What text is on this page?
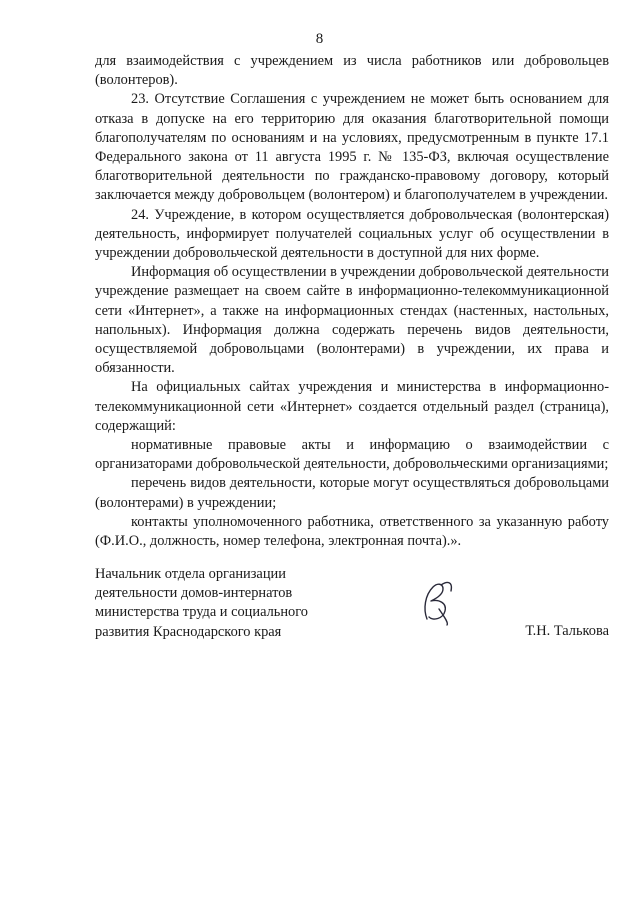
8

для взаимодействия с учреждением из числа работников или добровольцев (волонтеров).

23. Отсутствие Соглашения с учреждением не может быть основанием для отказа в допуске на его территорию для оказания благотворительной помощи благополучателям по основаниям и на условиях, предусмотренным в пункте 17.1 Федерального закона от 11 августа 1995 г. № 135-ФЗ, включая осуществление благотворительной деятельности по гражданско-правовому договору, который заключается между добровольцем (волонтером) и благополучателем в учреждении.

24. Учреждение, в котором осуществляется добровольческая (волонтерская) деятельность, информирует получателей социальных услуг об осуществлении в учреждении добровольческой деятельности в доступной для них форме.

Информация об осуществлении в учреждении добровольческой деятельности учреждение размещает на своем сайте в информационно-телекоммуникационной сети «Интернет», а также на информационных стендах (настенных, настольных, напольных). Информация должна содержать перечень видов деятельности, осуществляемой добровольцами (волонтерами) в учреждении, их права и обязанности.

На официальных сайтах учреждения и министерства в информационно-телекоммуникационной сети «Интернет» создается отдельный раздел (страница), содержащий:

нормативные правовые акты и информацию о взаимодействии с организаторами добровольческой деятельности, добровольческими организациями;

перечень видов деятельности, которые могут осуществляться добровольцами (волонтерами) в учреждении;

контакты уполномоченного работника, ответственного за указанную работу (Ф.И.О., должность, номер телефона, электронная почта).».

Начальник отдела организации
деятельности домов-интернатов
министерства труда и социального
развития Краснодарского края	Т.Н. Талькова
